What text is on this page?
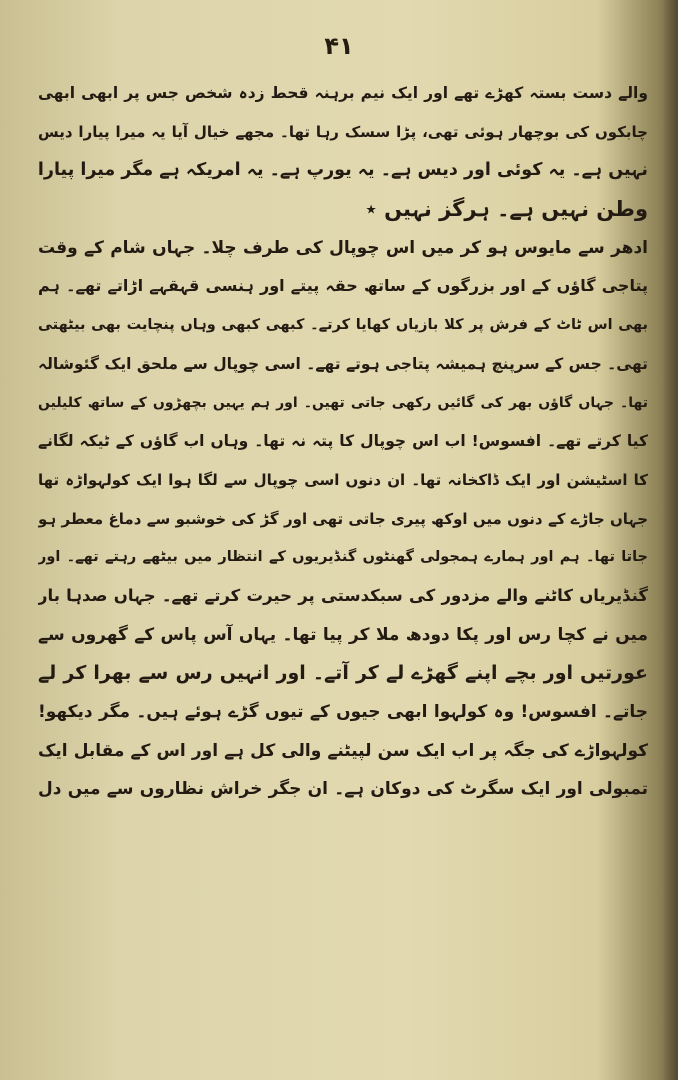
۴۱
والے دست بستہ کھڑے تھے اور ایک نیم برہنہ قحط زدہ شخص جس پر ابھی ابھی
چابکوں کی بوچھار ہوئی تھی، پڑا سسک رہا تھا۔ مجھے خیال آیا یہ میرا پیارا دیس
نہیں ہے۔ یہ کوئی اور دیس ہے۔ یہ یورپ ہے۔ یہ امریکہ ہے مگر میرا پیارا
وطن نہیں ہے۔ ہرگز نہیں ٭
ادھر سے مایوس ہو کر میں اس چوپال کی طرف چلا۔ جہاں شام کے وقت
پتاجی گاؤں کے اور بزرگوں کے ساتھ حقہ پیتے اور ہنسی قہقہے اڑاتے تھے۔ ہم
بھی اس ٹاٹ کے فرش پر کلا بازیاں کھایا کرتے۔ کبھی کبھی وہاں پنچایت بھی بیٹھتی
تھی۔ جس کے سرپنچ ہمیشہ پتاجی ہوتے تھے۔ اسی چوپال سے ملحق ایک گئوشالہ
تھا۔ جہاں گاؤں بھر کی گائیں رکھی جاتی تھیں۔ اور ہم یہیں بچھڑوں کے ساتھ کلیلیں
کیا کرتے تھے۔ افسوس! اب اس چوپال کا پتہ نہ تھا۔ وہاں اب گاؤں کے ٹیکہ لگانے
کا اسٹیشن اور ایک ڈاکخانہ تھا۔ ان دنوں اسی چوپال سے لگا ہوا ایک کولہواڑہ تھا
جہاں جاڑے کے دنوں میں اوکھ پیری جاتی تھی اور گڑ کی خوشبو سے دماغ معطر ہو
جاتا تھا۔ ہم اور ہمارے ہمجولی گھنٹوں گنڈیریوں کے انتظار میں بیٹھے رہتے تھے۔ اور
گنڈیریاں کاٹنے والے مزدور کی سبکدستی پر حیرت کرتے تھے۔ جہاں صدہا بار
میں نے کچا رس اور پکا دودھ ملا کر پیا تھا۔ یہاں آس پاس کے گھروں سے
عورتیں اور بچے اپنے گھڑے لے کر آتے۔ اور انہیں رس سے بھرا کر لے
جاتے۔ افسوس! وہ کولہوا ابھی جیوں کے تیوں گڑے ہوئے ہیں۔ مگر دیکھو!
کولہواڑے کی جگہ پر اب ایک سن لپیٹنے والی کل ہے اور اس کے مقابل ایک
تمبولی اور ایک سگرٹ کی دوکان ہے۔ ان جگر خراش نظاروں سے میں دل
